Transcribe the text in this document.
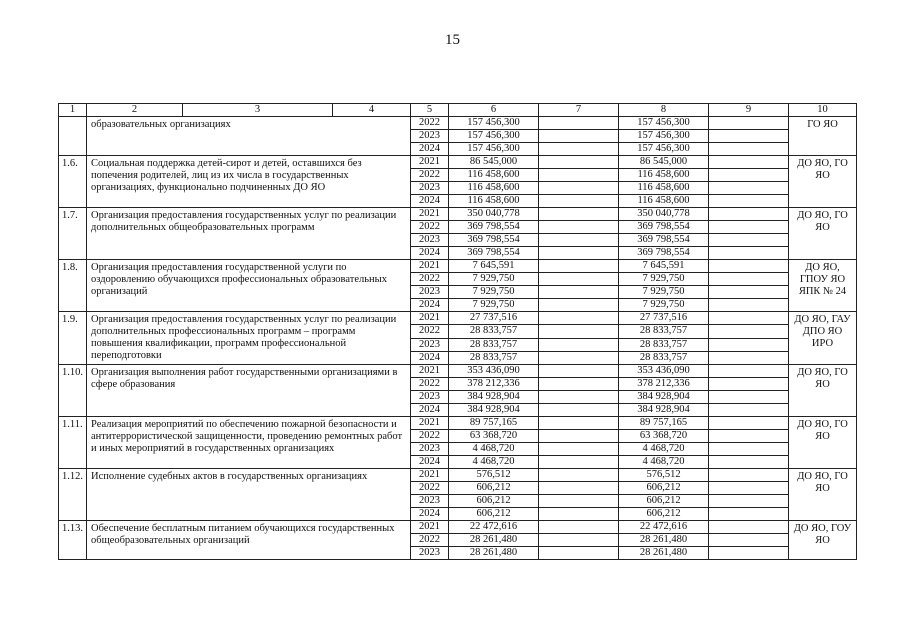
15
1	2	3	4	5	6	7	8	9	10
	образовательных организациях			2022	157 456,300		157 456,300		ГО ЯО
				2023	157 456,300		157 456,300		
				2024	157 456,300		157 456,300		
1.6.	Социальная поддержка детей-сирот и детей, оставшихся без попечения родителей, лиц из их числа в государственных организациях, функционально подчиненных ДО ЯО			2021	86 545,000		86 545,000		ДО ЯО, ГО ЯО
				2022	116 458,600		116 458,600		
				2023	116 458,600		116 458,600		
				2024	116 458,600		116 458,600		
1.7.	Организация предоставления государственных услуг по реализации дополнительных общеобразовательных программ			2021	350 040,778		350 040,778		ДО ЯО, ГО ЯО
				2022	369 798,554		369 798,554		
				2023	369 798,554		369 798,554		
				2024	369 798,554		369 798,554		
1.8.	Организация предоставления государственной услуги по оздоровлению обучающихся профессиональных образовательных организаций			2021	7 645,591		7 645,591		ДО ЯО, ГПОУ ЯО ЯПК № 24
				2022	7 929,750		7 929,750		
				2023	7 929,750		7 929,750		
				2024	7 929,750		7 929,750		
1.9.	Организация предоставления государственных услуг по реализации дополнительных профессиональных программ – программ повышения квалификации, программ профессиональной переподготовки			2021	27 737,516		27 737,516		ДО ЯО, ГАУ ДПО ЯО ИРО
				2022	28 833,757		28 833,757		
				2023	28 833,757		28 833,757		
				2024	28 833,757		28 833,757		
1.10.	Организация выполнения работ государственными организациями в сфере образования			2021	353 436,090		353 436,090		ДО ЯО, ГО ЯО
				2022	378 212,336		378 212,336		
				2023	384 928,904		384 928,904		
				2024	384 928,904		384 928,904		
1.11.	Реализация мероприятий по обеспечению пожарной безопасности и антитеррористической защищенности, проведению ремонтных работ и иных мероприятий в государственных организациях			2021	89 757,165		89 757,165		ДО ЯО, ГО ЯО
				2022	63 368,720		63 368,720		
				2023	4 468,720		4 468,720		
				2024	4 468,720		4 468,720		
1.12.	Исполнение судебных актов в государственных организациях			2021	576,512		576,512		ДО ЯО, ГО ЯО
				2022	606,212		606,212		
				2023	606,212		606,212		
				2024	606,212		606,212		
1.13.	Обеспечение бесплатным питанием обучающихся государственных общеобразовательных организаций			2021	22 472,616		22 472,616		ДО ЯО, ГОУ ЯО
				2022	28 261,480		28 261,480		
				2023	28 261,480		28 261,480		
